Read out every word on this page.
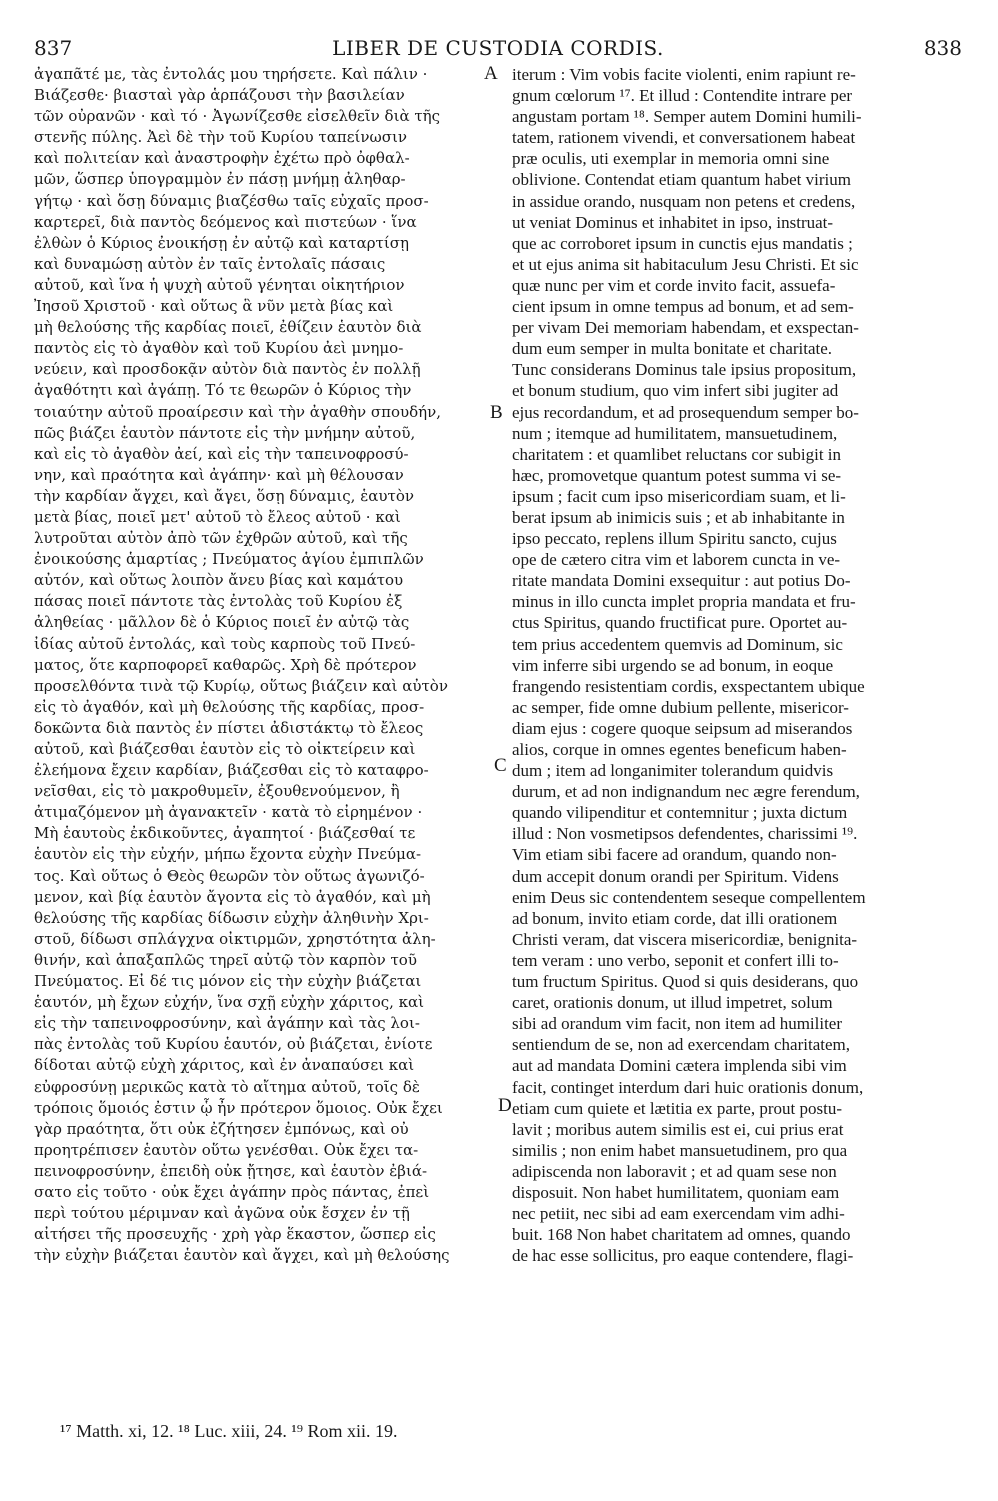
837	LIBER DE CUSTODIA CORDIS.	838
ἀγαπᾶτέ με, τὰς ἐντολάς μου τηρήσετε. Καὶ πάλιν ·
Βιάζεσθε· βιασταὶ γὰρ ἁρπάζουσι τὴν βασιλείαν
τῶν οὐρανῶν · καὶ τό · Ἀγωνίζεσθε εἰσελθεῖν διὰ τῆς
στενῆς πύλης. Ἀεὶ δὲ τὴν τοῦ Κυρίου ταπείνωσιν
καὶ πολιτείαν καὶ ἀναστροφὴν ἐχέτω πρὸ ὀφθαλ-
μῶν, ὥσπερ ὑπογραμμὸν ἐν πάσῃ μνήμῃ ἀληθαρ-
γήτῳ · καὶ ὅσῃ δύναμις βιαζέσθω ταῖς εὐχαῖς προσ-
καρτερεῖ, διὰ παντὸς δεόμενος καὶ πιστεύων · ἵνα
ἐλθὼν ὁ Κύριος ἐνοικήσῃ ἐν αὐτῷ καὶ καταρτίσῃ
καὶ δυναμώσῃ αὐτὸν ἐν ταῖς ἐντολαῖς πάσαις
αὐτοῦ, καὶ ἵνα ἡ ψυχὴ αὐτοῦ γένηται οἰκητήριον
Ἰησοῦ Χριστοῦ · καὶ οὕτως ἃ νῦν μετὰ βίας καὶ
μὴ θελούσης τῆς καρδίας ποιεῖ, ἐθίζειν ἑαυτὸν διὰ
παντὸς εἰς τὸ ἀγαθὸν καὶ τοῦ Κυρίου ἀεὶ μνημο-
νεύειν, καὶ προσδοκᾷν αὐτὸν διὰ παντὸς ἐν πολλῇ
ἀγαθότητι καὶ ἀγάπῃ. Τό τε θεωρῶν ὁ Κύριος τὴν
τοιαύτην αὐτοῦ προαίρεσιν καὶ τὴν ἀγαθὴν σπουδήν,
πῶς βιάζει ἑαυτὸν πάντοτε εἰς τὴν μνήμην αὐτοῦ,
καὶ εἰς τὸ ἀγαθὸν ἀεί, καὶ εἰς τὴν ταπεινοφροσύ-
νην, καὶ πραότητα καὶ ἀγάπην· καὶ μὴ θέλουσαν
τὴν καρδίαν ἄγχει, καὶ ἄγει, ὅσῃ δύναμις, ἑαυτὸν
μετὰ βίας, ποιεῖ μετ' αὐτοῦ τὸ ἔλεος αὐτοῦ · καὶ
λυτροῦται αὐτὸν ἀπὸ τῶν ἐχθρῶν αὐτοῦ, καὶ τῆς
ἐνοικούσης ἁμαρτίας ; Πνεύματος ἁγίου ἐμπιπλῶν
αὐτόν, καὶ οὕτως λοιπὸν ἄνευ βίας καὶ καμάτου
πάσας ποιεῖ πάντοτε τὰς ἐντολὰς τοῦ Κυρίου ἐξ
ἀληθείας · μᾶλλον δὲ ὁ Κύριος ποιεῖ ἐν αὐτῷ τὰς
ἰδίας αὐτοῦ ἐντολάς, καὶ τοὺς καρποὺς τοῦ Πνεύ-
ματος, ὅτε καρποφορεῖ καθαρῶς. Χρὴ δὲ πρότερον
προσελθόντα τινὰ τῷ Κυρίῳ, οὕτως βιάζειν καὶ αὐτὸν
εἰς τὸ ἀγαθόν, καὶ μὴ θελούσης τῆς καρδίας, προσ-
δοκῶντα διὰ παντὸς ἐν πίστει ἀδιστάκτῳ τὸ ἔλεος
αὐτοῦ, καὶ βιάζεσθαι ἑαυτὸν εἰς τὸ οἰκτείρειν καὶ
ἐλεήμονα ἔχειν καρδίαν, βιάζεσθαι εἰς τὸ καταφρο-
νεῖσθαι, εἰς τὸ μακροθυμεῖν, ἐξουθενούμενον, ἢ
ἀτιμαζόμενον μὴ ἀγανακτεῖν · κατὰ τὸ εἰρημένον ·
Μὴ ἑαυτοὺς ἐκδικοῦντες, ἀγαπητοί · βιάζεσθαί τε
ἑαυτὸν εἰς τὴν εὐχήν, μήπω ἔχοντα εὐχὴν Πνεύμα-
τος. Καὶ οὕτως ὁ Θεὸς θεωρῶν τὸν οὕτως ἀγωνιζό-
μενον, καὶ βίᾳ ἑαυτὸν ἄγοντα εἰς τὸ ἀγαθόν, καὶ μὴ
θελούσης τῆς καρδίας δίδωσιν εὐχὴν ἀληθινὴν Χρι-
στοῦ, δίδωσι σπλάγχνα οἰκτιρμῶν, χρηστότητα ἀλη-
θινήν, καὶ ἁπαξαπλῶς τηρεῖ αὐτῷ τὸν καρπὸν τοῦ
Πνεύματος. Εἰ δέ τις μόνον εἰς τὴν εὐχὴν βιάζεται
ἑαυτόν, μὴ ἔχων εὐχήν, ἵνα σχῇ εὐχὴν χάριτος, καὶ
εἰς τὴν ταπεινοφροσύνην, καὶ ἀγάπην καὶ τὰς λοι-
πὰς ἐντολὰς τοῦ Κυρίου ἑαυτόν, οὐ βιάζεται, ἐνίοτε
δίδοται αὐτῷ εὐχὴ χάριτος, καὶ ἐν ἀναπαύσει καὶ
εὐφροσύνῃ μερικῶς κατὰ τὸ αἴτημα αὐτοῦ, τοῖς δὲ
τρόποις ὅμοιός ἐστιν ᾧ ἦν πρότερον ὅμοιος. Οὐκ ἔχει
γὰρ πραότητα, ὅτι οὐκ ἐζήτησεν ἐμπόνως, καὶ οὐ
προητρέπισεν ἑαυτὸν οὕτω γενέσθαι. Οὐκ ἔχει τα-
πεινοφροσύνην, ἐπειδὴ οὐκ ᾔτησε, καὶ ἑαυτὸν ἐβιά-
σατο εἰς τοῦτο · οὐκ ἔχει ἀγάπην πρὸς πάντας, ἐπεὶ
περὶ τούτου μέριμναν καὶ ἀγῶνα οὐκ ἔσχεν ἐν τῇ
αἰτήσει τῆς προσευχῆς · χρὴ γὰρ ἕκαστον, ὥσπερ εἰς
τὴν εὐχὴν βιάζεται ἑαυτὸν καὶ ἄγχει, καὶ μὴ θελούσης
iterum : Vim vobis facite violenti, enim rapiunt re-
gnum cœlorum ¹⁷. Et illud : Contendite intrare per
angustam portam ¹⁸. Semper autem Domini humili-
tatem, rationem vivendi, et conversationem habeat
præ oculis, uti exemplar in memoria omni sine
oblivione. Contendat etiam quantum habet virium
in assidue orando, nusquam non petens et credens,
ut veniat Dominus et inhabitet in ipso, instruat-
que ac corroboret ipsum in cunctis ejus mandatis ;
et ut ejus anima sit habitaculum Jesu Christi. Et sic
quæ nunc per vim et corde invito facit, assuefa-
cient ipsum in omne tempus ad bonum, et ad sem-
per vivam Dei memoriam habendam, et exspectan-
dum eum semper in multa bonitate et charitate.
Tunc considerans Dominus tale ipsius propositum,
et bonum studium, quo vim infert sibi jugiter ad
ejus recordandum, et ad prosequendum semper bo-
num ; itemque ad humilitatem, mansuetudinem,
charitatem : et quamlibet reluctans cor subigit in
hæc, promovetque quantum potest summa vi se-
ipsum ; facit cum ipso misericordiam suam, et li-
berat ipsum ab inimicis suis ; et ab inhabitante in
ipso peccato, replens illum Spiritu sancto, cujus
ope de cætero citra vim et laborem cuncta in ve-
ritate mandata Domini exsequitur : aut potius Do-
minus in illo cuncta implet propria mandata et fru-
ctus Spiritus, quando fructificat pure. Oportet au-
tem prius accedentem quemvis ad Dominum, sic
vim inferre sibi urgendo se ad bonum, in eoque
frangendo resistentiam cordis, exspectantem ubique
ac semper, fide omne dubium pellente, misericor-
diam ejus : cogere quoque seipsum ad miserandos
alios, corque in omnes egentes beneficum haben-
dum ; item ad longanimiter tolerandum quidvis
durum, et ad non indignandum nec ægre ferendum,
quando vilipenditur et contemnitur ; juxta dictum
illud : Non vosmetipsos defendentes, charissimi ¹⁹.
Vim etiam sibi facere ad orandum, quando non-
dum accepit donum orandi per Spiritum. Videns
enim Deus sic contendentem seseque compellentem
ad bonum, invito etiam corde, dat illi orationem
Christi veram, dat viscera misericordiæ, benignita-
tem veram : uno verbo, seponit et confert illi to-
tum fructum Spiritus. Quod si quis desiderans, quo
caret, orationis donum, ut illud impetret, solum
sibi ad orandum vim facit, non item ad humiliter
sentiendum de se, non ad exercendam charitatem,
aut ad mandata Domini cætera implenda sibi vim
facit, continget interdum dari huic orationis donum,
etiam cum quiete et lætitia ex parte, prout postu-
lavit ; moribus autem similis est ei, cui prius erat
similis ; non enim habet mansuetudinem, pro qua
adipiscenda non laboravit ; et ad quam sese non
disposuit. Non habet humilitatem, quoniam eam
nec petiit, nec sibi ad eam exercendam vim adhi-
buit. 168 Non habet charitatem ad omnes, quando
de hac esse sollicitus, pro eaque contendere, flagi-
A
B
C
D
¹⁷ Matth. xi, 12. ¹⁸ Luc. xiii, 24. ¹⁹ Rom xii. 19.
